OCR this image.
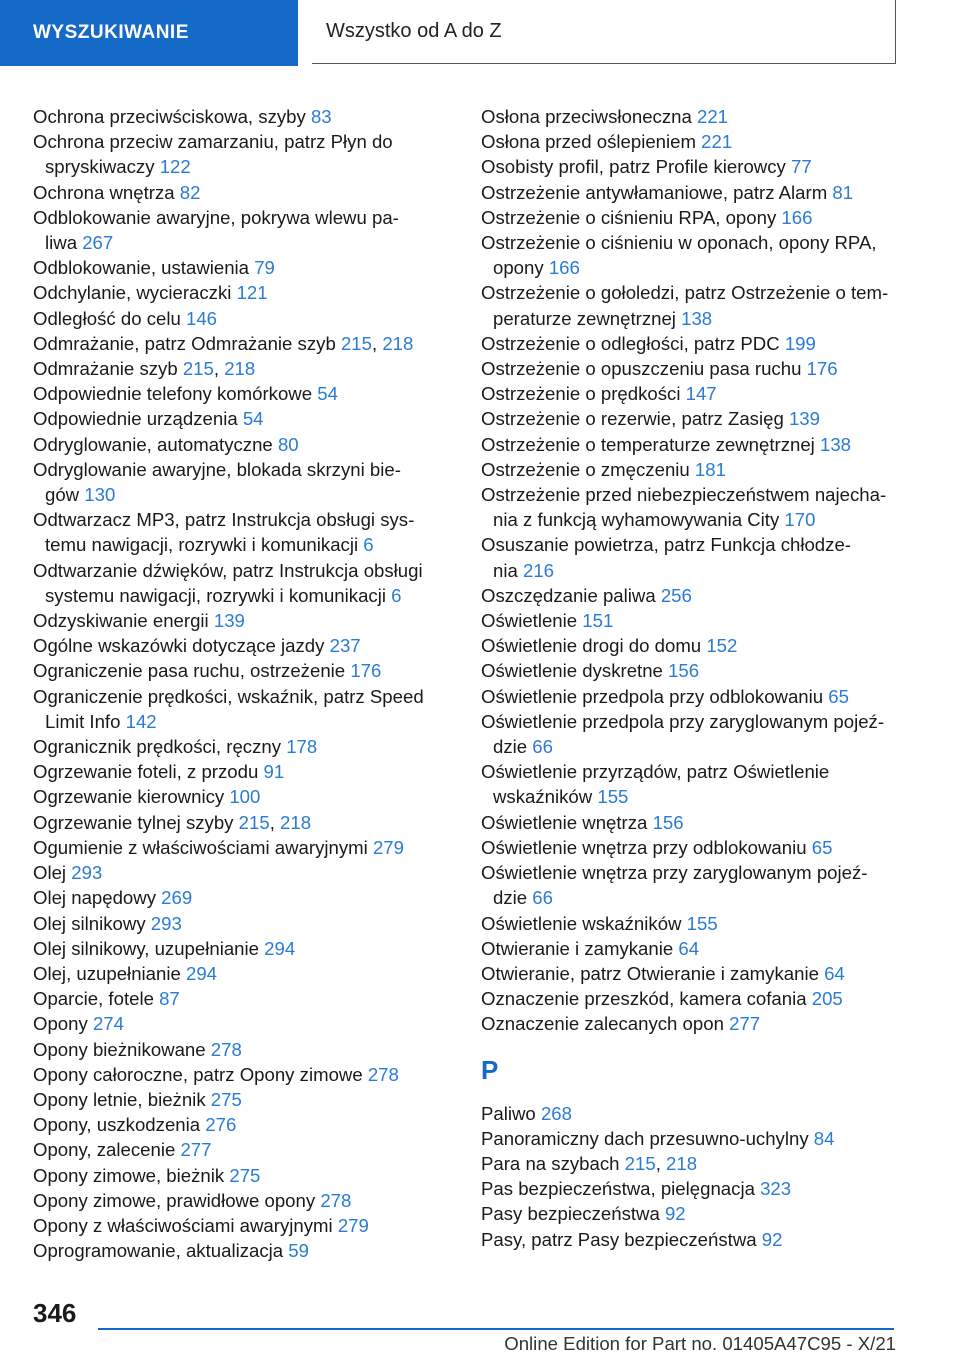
WYSZUKIWANIE	Wszystko od A do Z
Ochrona przeciwściskowa, szyby 83
Ochrona przeciw zamarzaniu, patrz Płyn do
spryskiwaczy 122
Ochrona wnętrza 82
Odblokowanie awaryjne, pokrywa wlewu pa‐
liwa 267
Odblokowanie, ustawienia 79
Odchylanie, wycieraczki 121
Odległość do celu 146
Odmrażanie, patrz Odmrażanie szyb 215, 218
Odmrażanie szyb 215, 218
Odpowiednie telefony komórkowe 54
Odpowiednie urządzenia 54
Odryglowanie, automatyczne 80
Odryglowanie awaryjne, blokada skrzyni bie‐
gów 130
Odtwarzacz MP3, patrz Instrukcja obsługi sys‐
temu nawigacji, rozrywki i komunikacji 6
Odtwarzanie dźwięków, patrz Instrukcja obsługi
systemu nawigacji, rozrywki i komunikacji 6
Odzyskiwanie energii 139
Ogólne wskazówki dotyczące jazdy 237
Ograniczenie pasa ruchu, ostrzeżenie 176
Ograniczenie prędkości, wskaźnik, patrz Speed
Limit Info 142
Ogranicznik prędkości, ręczny 178
Ogrzewanie foteli, z przodu 91
Ogrzewanie kierownicy 100
Ogrzewanie tylnej szyby 215, 218
Ogumienie z właściwościami awaryjnymi 279
Olej 293
Olej napędowy 269
Olej silnikowy 293
Olej silnikowy, uzupełnianie 294
Olej, uzupełnianie 294
Oparcie, fotele 87
Opony 274
Opony bieżnikowane 278
Opony całoroczne, patrz Opony zimowe 278
Opony letnie, bieżnik 275
Opony, uszkodzenia 276
Opony, zalecenie 277
Opony zimowe, bieżnik 275
Opony zimowe, prawidłowe opony 278
Opony z właściwościami awaryjnymi 279
Oprogramowanie, aktualizacja 59
Osłona przeciwsłoneczna 221
Osłona przed oślepieniem 221
Osobisty profil, patrz Profile kierowcy 77
Ostrzeżenie antywłamaniowe, patrz Alarm 81
Ostrzeżenie o ciśnieniu RPA, opony 166
Ostrzeżenie o ciśnieniu w oponach, opony RPA,
opony 166
Ostrzeżenie o gołoledzi, patrz Ostrzeżenie o tem‐
peraturze zewnętrznej 138
Ostrzeżenie o odległości, patrz PDC 199
Ostrzeżenie o opuszczeniu pasa ruchu 176
Ostrzeżenie o prędkości 147
Ostrzeżenie o rezerwie, patrz Zasięg 139
Ostrzeżenie o temperaturze zewnętrznej 138
Ostrzeżenie o zmęczeniu 181
Ostrzeżenie przed niebezpieczeństwem najecha‐
nia z funkcją wyhamowywania City 170
Osuszanie powietrza, patrz Funkcja chłodze‐
nia 216
Oszczędzanie paliwa 256
Oświetlenie 151
Oświetlenie drogi do domu 152
Oświetlenie dyskretne 156
Oświetlenie przedpola przy odblokowaniu 65
Oświetlenie przedpola przy zaryglowanym pojeź‐
dzie 66
Oświetlenie przyrządów, patrz Oświetlenie
wskaźników 155
Oświetlenie wnętrza 156
Oświetlenie wnętrza przy odblokowaniu 65
Oświetlenie wnętrza przy zaryglowanym pojeź‐
dzie 66
Oświetlenie wskaźników 155
Otwieranie i zamykanie 64
Otwieranie, patrz Otwieranie i zamykanie 64
Oznaczenie przeszkód, kamera cofania 205
Oznaczenie zalecanych opon 277
P
Paliwo 268
Panoramiczny dach przesuwno-uchylny 84
Para na szybach 215, 218
Pas bezpieczeństwa, pielęgnacja 323
Pasy bezpieczeństwa 92
Pasy, patrz Pasy bezpieczeństwa 92
346
Online Edition for Part no. 01405A47C95 - X/21
